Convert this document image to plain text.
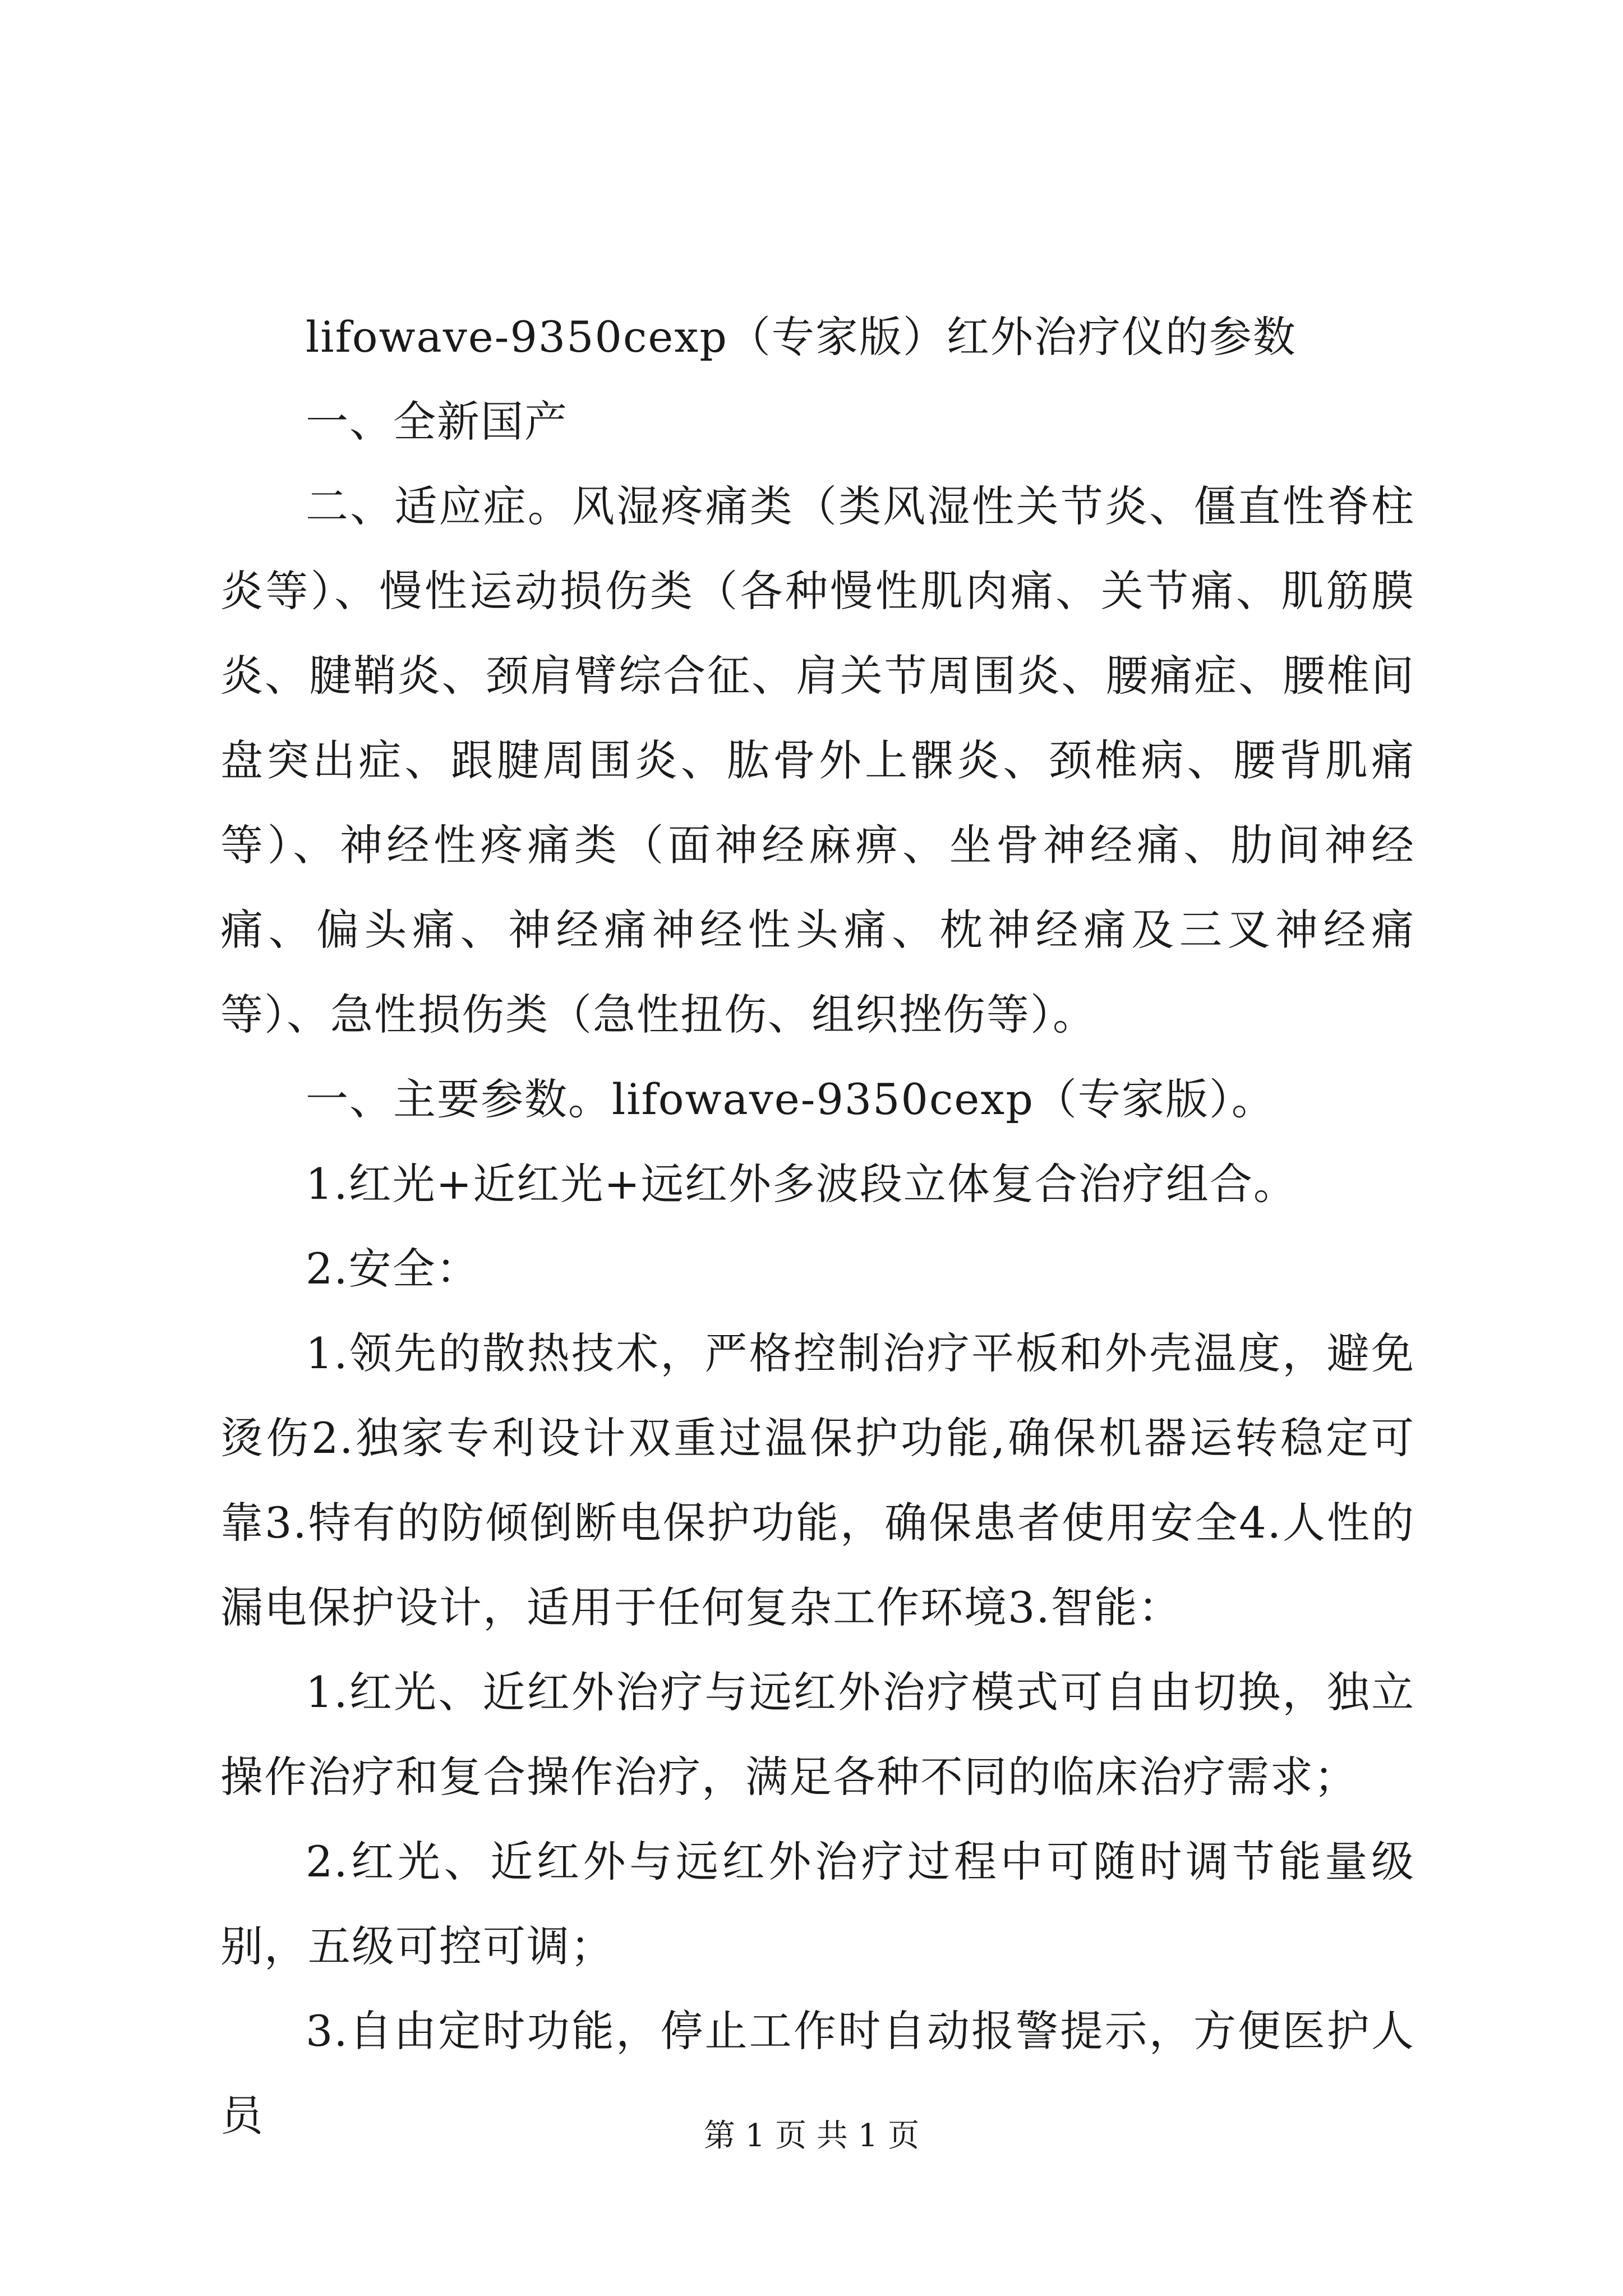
lifowave-9350cexp（专家版）红外治疗仪的参数

一、全新国产

二、适应症。风湿疼痛类（类风湿性关节炎、僵直性脊柱炎等）、慢性运动损伤类（各种慢性肌肉痛、关节痛、肌筋膜炎、腱鞘炎、颈肩臂综合征、肩关节周围炎、腰痛症、腰椎间盘突出症、跟腱周围炎、肱骨外上髁炎、颈椎病、腰背肌痛等）、神经性疼痛类（面神经麻痹、坐骨神经痛、肋间神经痛、偏头痛、神经痛神经性头痛、枕神经痛及三叉神经痛等）、急性损伤类（急性扭伤、组织挫伤等）。

一、主要参数。lifowave-9350cexp（专家版）。

1.红光+近红光+远红外多波段立体复合治疗组合。

2.安全：

1.领先的散热技术，严格控制治疗平板和外壳温度，避免烫伤2.独家专利设计双重过温保护功能,确保机器运转稳定可靠3.特有的防倾倒断电保护功能，确保患者使用安全4.人性的漏电保护设计，适用于任何复杂工作环境3.智能：

1.红光、近红外治疗与远红外治疗模式可自由切换，独立操作治疗和复合操作治疗，满足各种不同的临床治疗需求；

2.红光、近红外与远红外治疗过程中可随时调节能量级别，五级可控可调；

3.自由定时功能，停止工作时自动报警提示，方便医护人员	第 1 页 共 1 页
